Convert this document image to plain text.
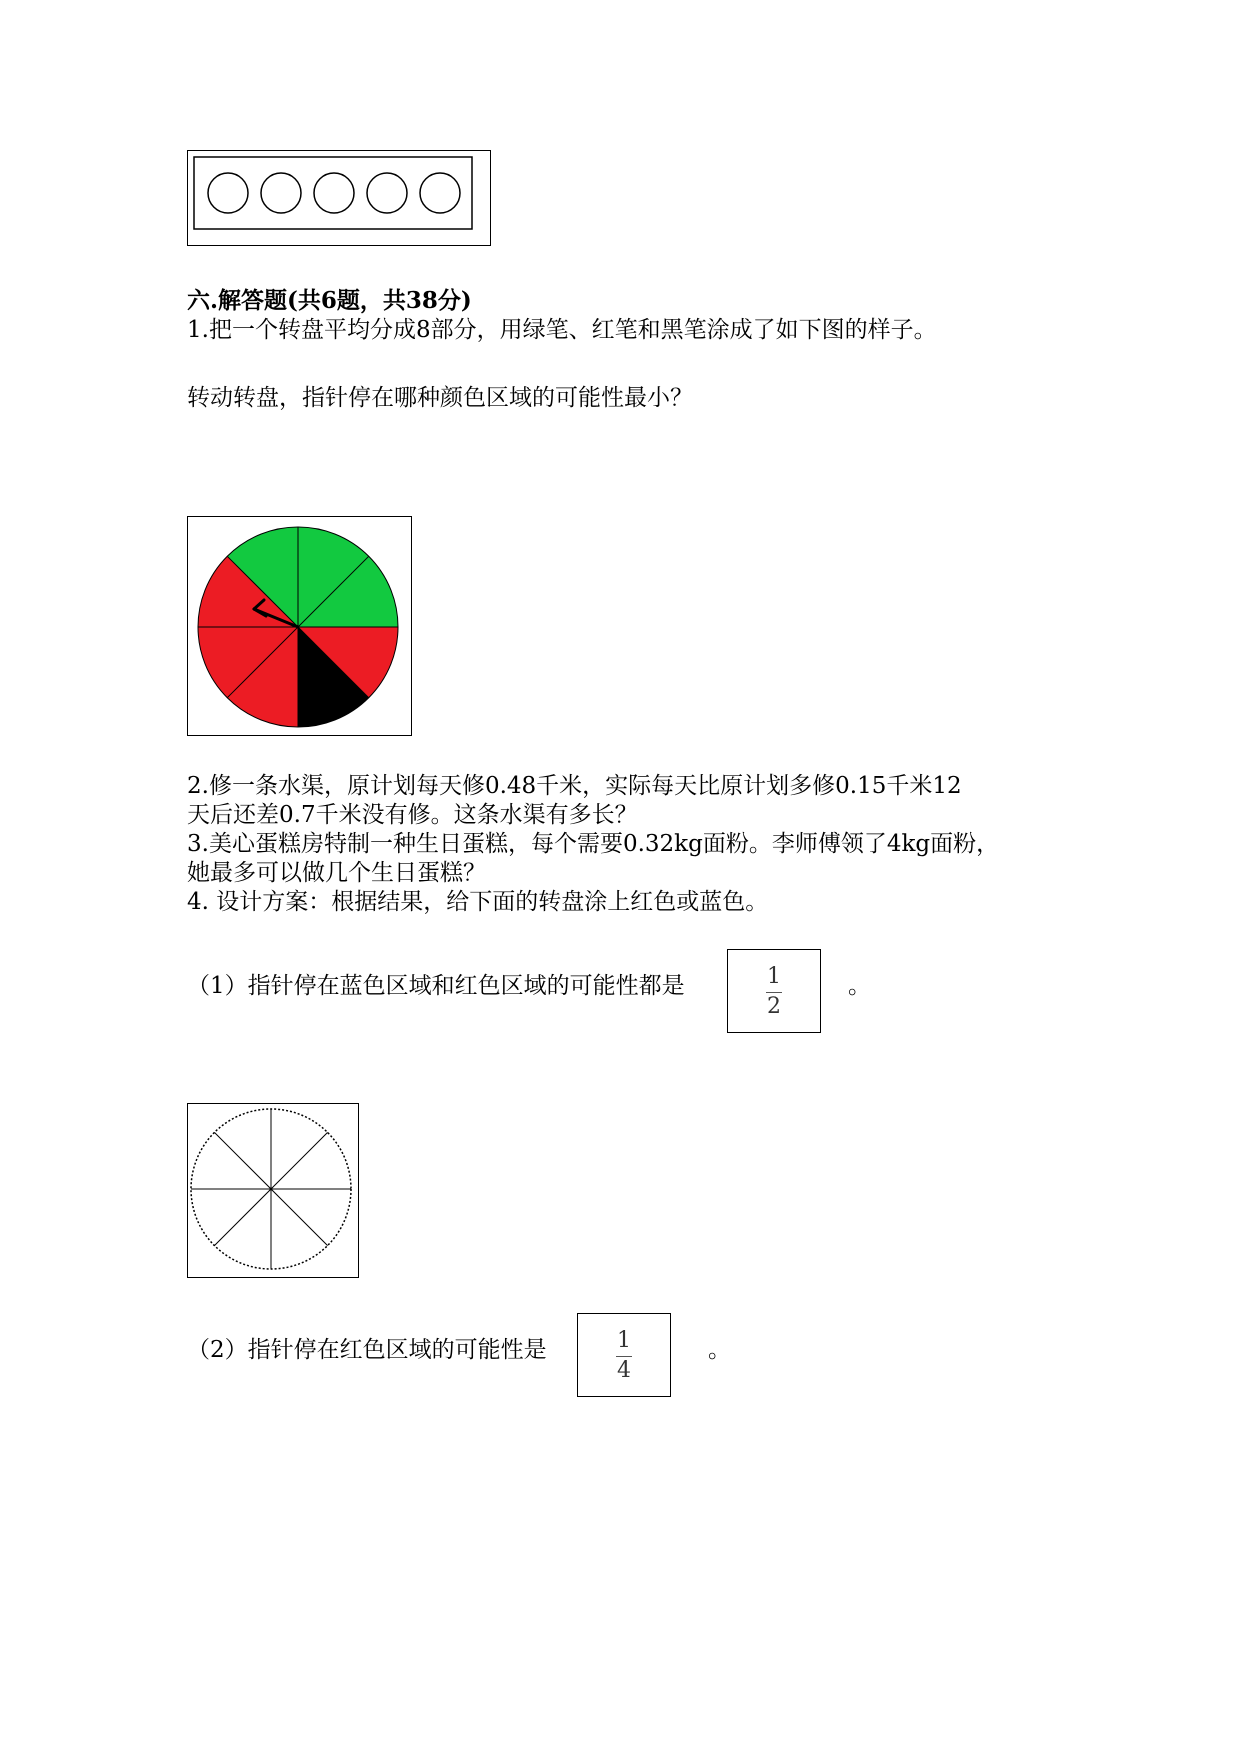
六.解答题(共6题，共38分)
1.把一个转盘平均分成8部分，用绿笔、红笔和黑笔涂成了如下图的样子。
转动转盘，指针停在哪种颜色区域的可能性最小？
2.修一条水渠，原计划每天修0.48千米，实际每天比原计划多修0.15千米12
天后还差0.7千米没有修。这条水渠有多长？
3.美心蛋糕房特制一种生日蛋糕，每个需要0.32kg面粉。李师傅领了4kg面粉，
她最多可以做几个生日蛋糕？
4. 设计方案：根据结果，给下面的转盘涂上红色或蓝色。
（1）指针停在蓝色区域和红色区域的可能性都是	1
2
。
（2）指针停在红色区域的可能性是	1
4
。
